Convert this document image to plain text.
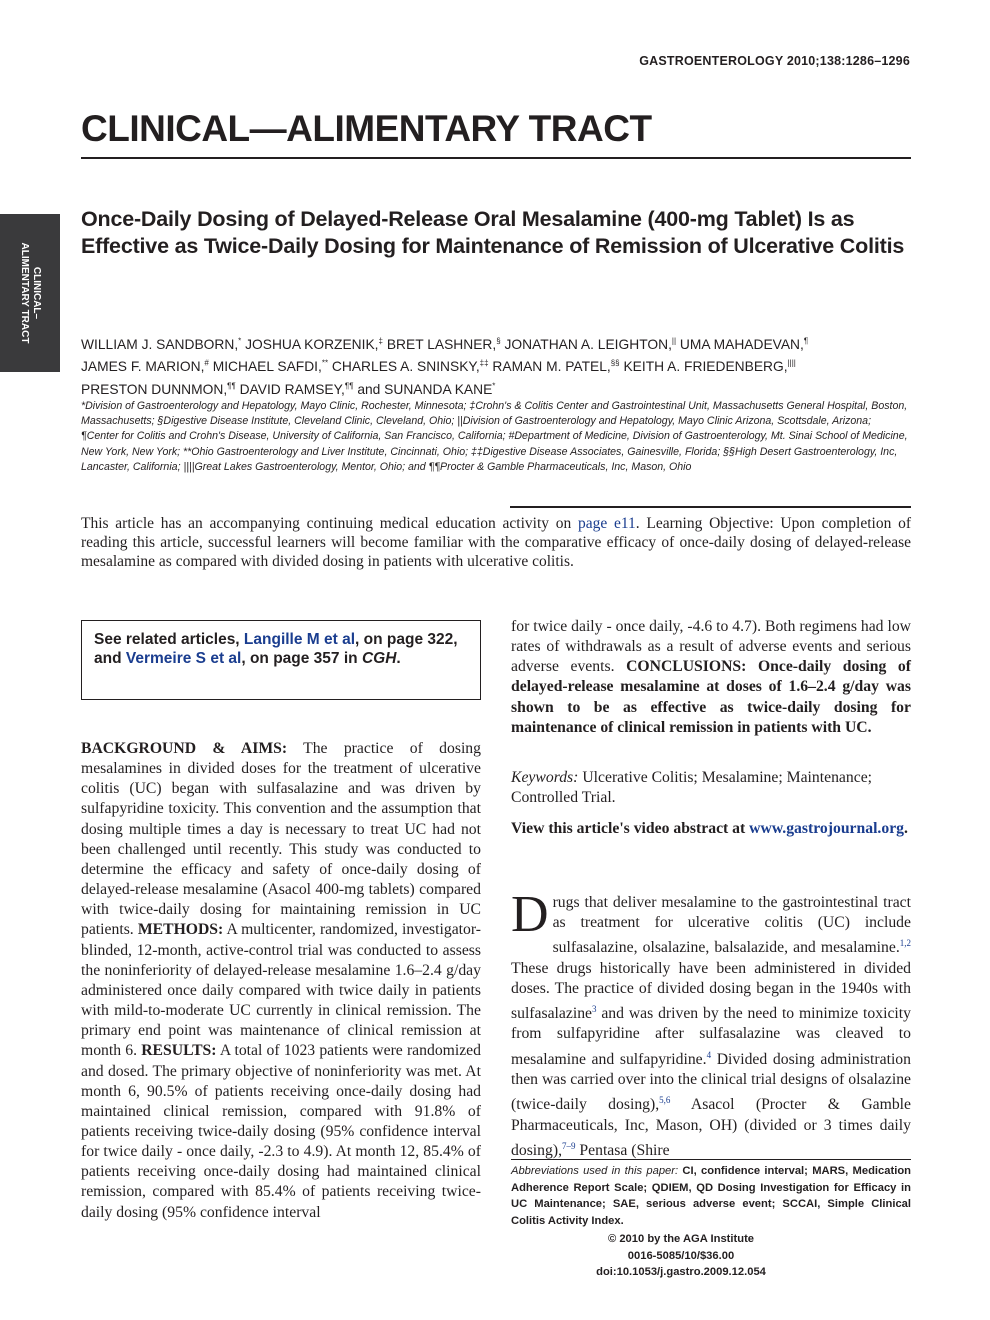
GASTROENTEROLOGY 2010;138:1286–1296
CLINICAL—ALIMENTARY TRACT
CLINICAL–
ALIMENTARY TRACT
Once-Daily Dosing of Delayed-Release Oral Mesalamine (400-mg Tablet) Is as Effective as Twice-Daily Dosing for Maintenance of Remission of Ulcerative Colitis
WILLIAM J. SANDBORN,* JOSHUA KORZENIK,‡ BRET LASHNER,§ JONATHAN A. LEIGHTON,|| UMA MAHADEVAN,¶
JAMES F. MARION,# MICHAEL SAFDI,** CHARLES A. SNINSKY,‡‡ RAMAN M. PATEL,§§ KEITH A. FRIEDENBERG,||||
PRESTON DUNNMON,¶¶ DAVID RAMSEY,¶¶ and SUNANDA KANE*
*Division of Gastroenterology and Hepatology, Mayo Clinic, Rochester, Minnesota; ‡Crohn's & Colitis Center and Gastrointestinal Unit, Massachusetts General Hospital, Boston, Massachusetts; §Digestive Disease Institute, Cleveland Clinic, Cleveland, Ohio; ||Division of Gastroenterology and Hepatology, Mayo Clinic Arizona, Scottsdale, Arizona; ¶Center for Colitis and Crohn's Disease, University of California, San Francisco, California; #Department of Medicine, Division of Gastroenterology, Mt. Sinai School of Medicine, New York, New York; **Ohio Gastroenterology and Liver Institute, Cincinnati, Ohio; ‡‡Digestive Disease Associates, Gainesville, Florida; §§High Desert Gastroenterology, Inc, Lancaster, California; ||||Great Lakes Gastroenterology, Mentor, Ohio; and ¶¶Procter & Gamble Pharmaceuticals, Inc, Mason, Ohio

This article has an accompanying continuing medical education activity on page e11. Learning Objective: Upon completion of reading this article, successful learners will become familiar with the comparative efficacy of once-daily dosing of delayed-release mesalamine as compared with divided dosing in patients with ulcerative colitis.

See related articles, Langille M et al, on page 322, and Vermeire S et al, on page 357 in CGH.

BACKGROUND & AIMS: The practice of dosing mesalamines in divided doses for the treatment of ulcerative colitis (UC) began with sulfasalazine and was driven by sulfapyridine toxicity. This convention and the assumption that dosing multiple times a day is necessary to treat UC had not been challenged until recently. This study was conducted to determine the efficacy and safety of once-daily dosing of delayed-release mesalamine (Asacol 400-mg tablets) compared with twice-daily dosing for maintaining remission in UC patients. METHODS: A multicenter, randomized, investigator-blinded, 12-month, active-control trial was conducted to assess the noninferiority of delayed-release mesalamine 1.6–2.4 g/day administered once daily compared with twice daily in patients with mild-to-moderate UC currently in clinical remission. The primary end point was maintenance of clinical remission at month 6. RESULTS: A total of 1023 patients were randomized and dosed. The primary objective of noninferiority was met. At month 6, 90.5% of patients receiving once-daily dosing had maintained clinical remission, compared with 91.8% of patients receiving twice-daily dosing (95% confidence interval for twice daily - once daily, -2.3 to 4.9). At month 12, 85.4% of patients receiving once-daily dosing had maintained clinical remission, compared with 85.4% of patients receiving twice-daily dosing (95% confidence interval

for twice daily - once daily, -4.6 to 4.7). Both regimens had low rates of withdrawals as a result of adverse events and serious adverse events. CONCLUSIONS: Once-daily dosing of delayed-release mesalamine at doses of 1.6–2.4 g/day was shown to be as effective as twice-daily dosing for maintenance of clinical remission in patients with UC.

Keywords: Ulcerative Colitis; Mesalamine; Maintenance; Controlled Trial.

View this article's video abstract at www.gastrojournal.org.

Drugs that deliver mesalamine to the gastrointestinal tract as treatment for ulcerative colitis (UC) include sulfasalazine, olsalazine, balsalazide, and mesalamine.$^{1,2}$ These drugs historically have been administered in divided doses. The practice of divided dosing began in the 1940s with sulfasalazine$^3$ and was driven by the need to minimize toxicity from sulfapyridine after sulfasalazine was cleaved to mesalamine and sulfapyridine.$^4$ Divided dosing administration then was carried over into the clinical trial designs of olsalazine (twice-daily dosing),$^{5,6}$ Asacol (Procter & Gamble Pharmaceuticals, Inc, Mason, OH) (divided or 3 times daily dosing),$^{7-9}$ Pentasa (Shire

Abbreviations used in this paper: CI, confidence interval; MARS, Medication Adherence Report Scale; QDIEM, QD Dosing Investigation for Efficacy in UC Maintenance; SAE, serious adverse event; SCCAI, Simple Clinical Colitis Activity Index.

© 2010 by the AGA Institute
0016-5085/10/$36.00
doi:10.1053/j.gastro.2009.12.054
